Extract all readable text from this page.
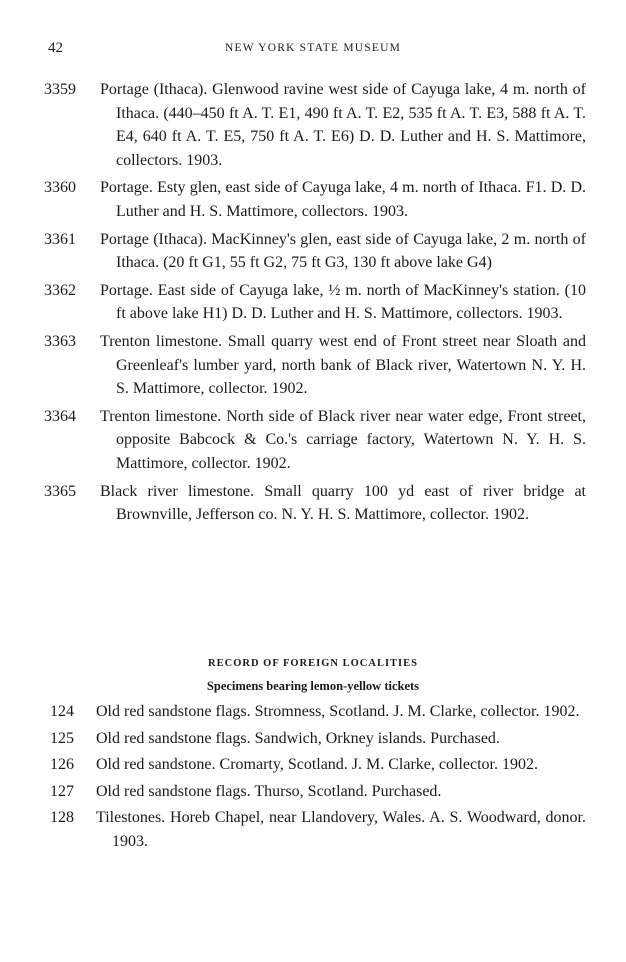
42	NEW YORK STATE MUSEUM

3359 Portage (Ithaca). Glenwood ravine west side of Cayuga lake, 4 m. north of Ithaca. (440–450 ft A. T. E1, 490 ft A. T. E2, 535 ft A. T. E3, 588 ft A. T. E4, 640 ft A. T. E5, 750 ft A. T. E6) D. D. Luther and H. S. Mattimore, collectors. 1903.

3360 Portage. Esty glen, east side of Cayuga lake, 4 m. north of Ithaca. F1. D. D. Luther and H. S. Mattimore, collectors. 1903.

3361 Portage (Ithaca). MacKinney's glen, east side of Cayuga lake, 2 m. north of Ithaca. (20 ft G1, 55 ft G2, 75 ft G3, 130 ft above lake G4)

3362 Portage. East side of Cayuga lake, ½ m. north of MacKinney's station. (10 ft above lake H1) D. D. Luther and H. S. Mattimore, collectors. 1903.

3363 Trenton limestone. Small quarry west end of Front street near Sloath and Greenleaf's lumber yard, north bank of Black river, Watertown N. Y. H. S. Mattimore, collector. 1902.

3364 Trenton limestone. North side of Black river near water edge, Front street, opposite Babcock & Co.'s carriage factory, Watertown N. Y. H. S. Mattimore, collector. 1902.

3365 Black river limestone. Small quarry 100 yd east of river bridge at Brownville, Jefferson co. N. Y. H. S. Mattimore, collector. 1902.

RECORD OF FOREIGN LOCALITIES
Specimens bearing lemon-yellow tickets

124 Old red sandstone flags. Stromness, Scotland. J. M. Clarke, collector. 1902.

125 Old red sandstone flags. Sandwich, Orkney islands. Purchased.

126 Old red sandstone. Cromarty, Scotland. J. M. Clarke, collector. 1902.

127 Old red sandstone flags. Thurso, Scotland. Purchased.

128 Tilestones. Horeb Chapel, near Llandovery, Wales. A. S. Woodward, donor. 1903.
